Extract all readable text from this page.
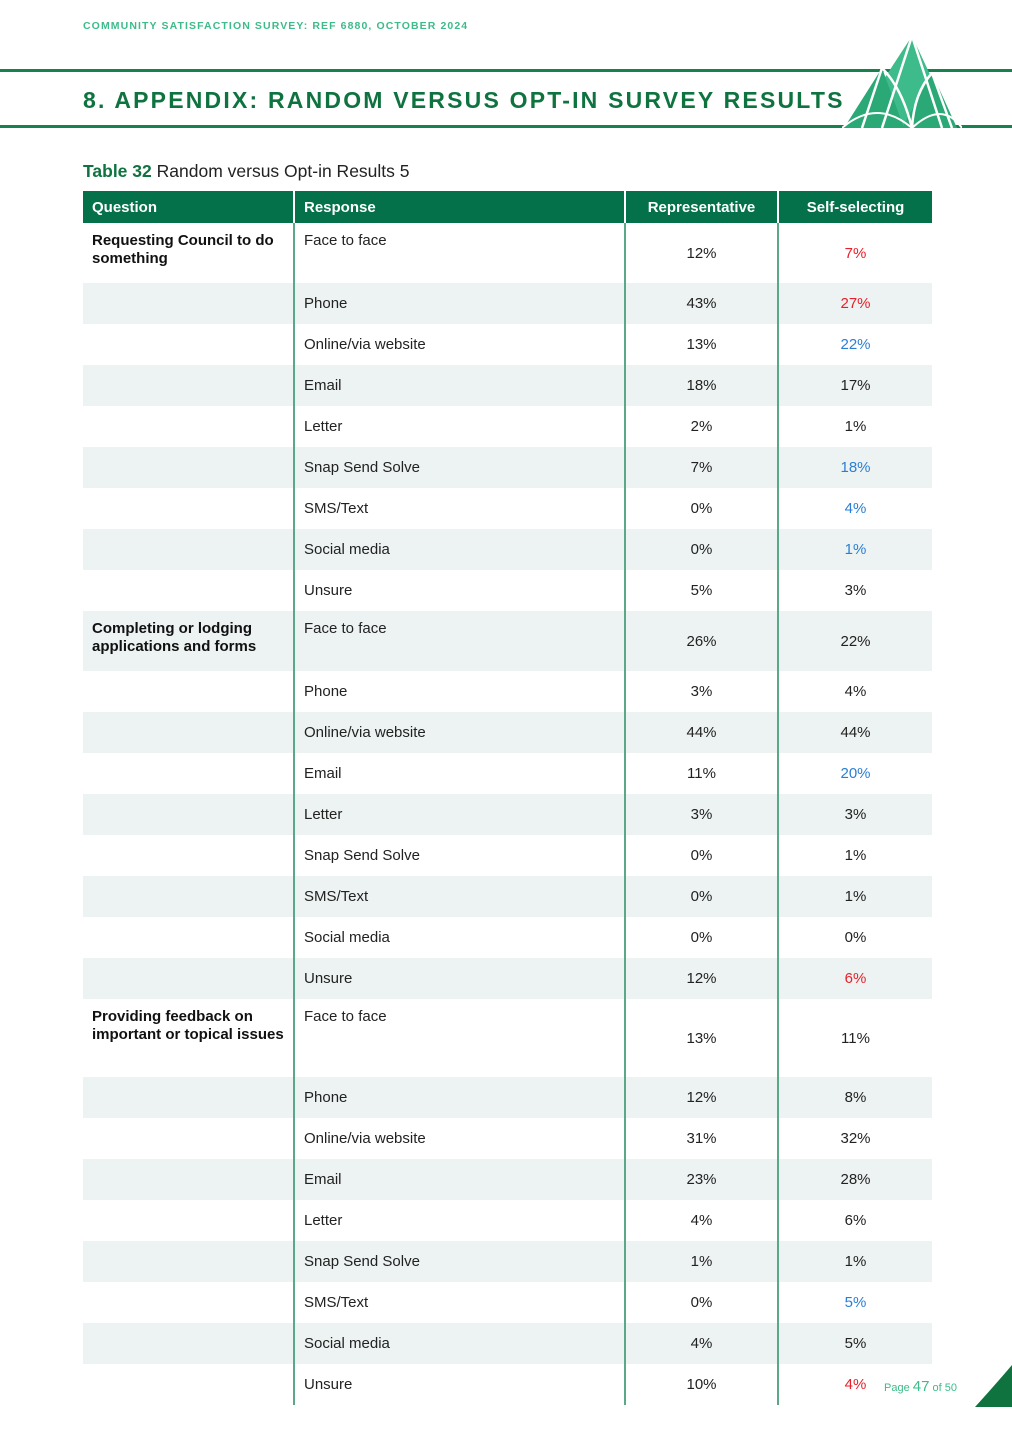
COMMUNITY SATISFACTION SURVEY: REF 6880, OCTOBER 2024
8. APPENDIX: RANDOM VERSUS OPT-IN SURVEY RESULTS
Table 32 Random versus Opt-in Results 5
Question	Response	Representative	Self-selecting
Requesting Council to do something	Face to face	12%	7%
	Phone	43%	27%
	Online/via website	13%	22%
	Email	18%	17%
	Letter	2%	1%
	Snap Send Solve	7%	18%
	SMS/Text	0%	4%
	Social media	0%	1%
	Unsure	5%	3%
Completing or lodging applications and forms	Face to face	26%	22%
	Phone	3%	4%
	Online/via website	44%	44%
	Email	11%	20%
	Letter	3%	3%
	Snap Send Solve	0%	1%
	SMS/Text	0%	1%
	Social media	0%	0%
	Unsure	12%	6%
Providing feedback on important or topical issues	Face to face	13%	11%
	Phone	12%	8%
	Online/via website	31%	32%
	Email	23%	28%
	Letter	4%	6%
	Snap Send Solve	1%	1%
	SMS/Text	0%	5%
	Social media	4%	5%
	Unsure	10%	4% Page 47 of 50
